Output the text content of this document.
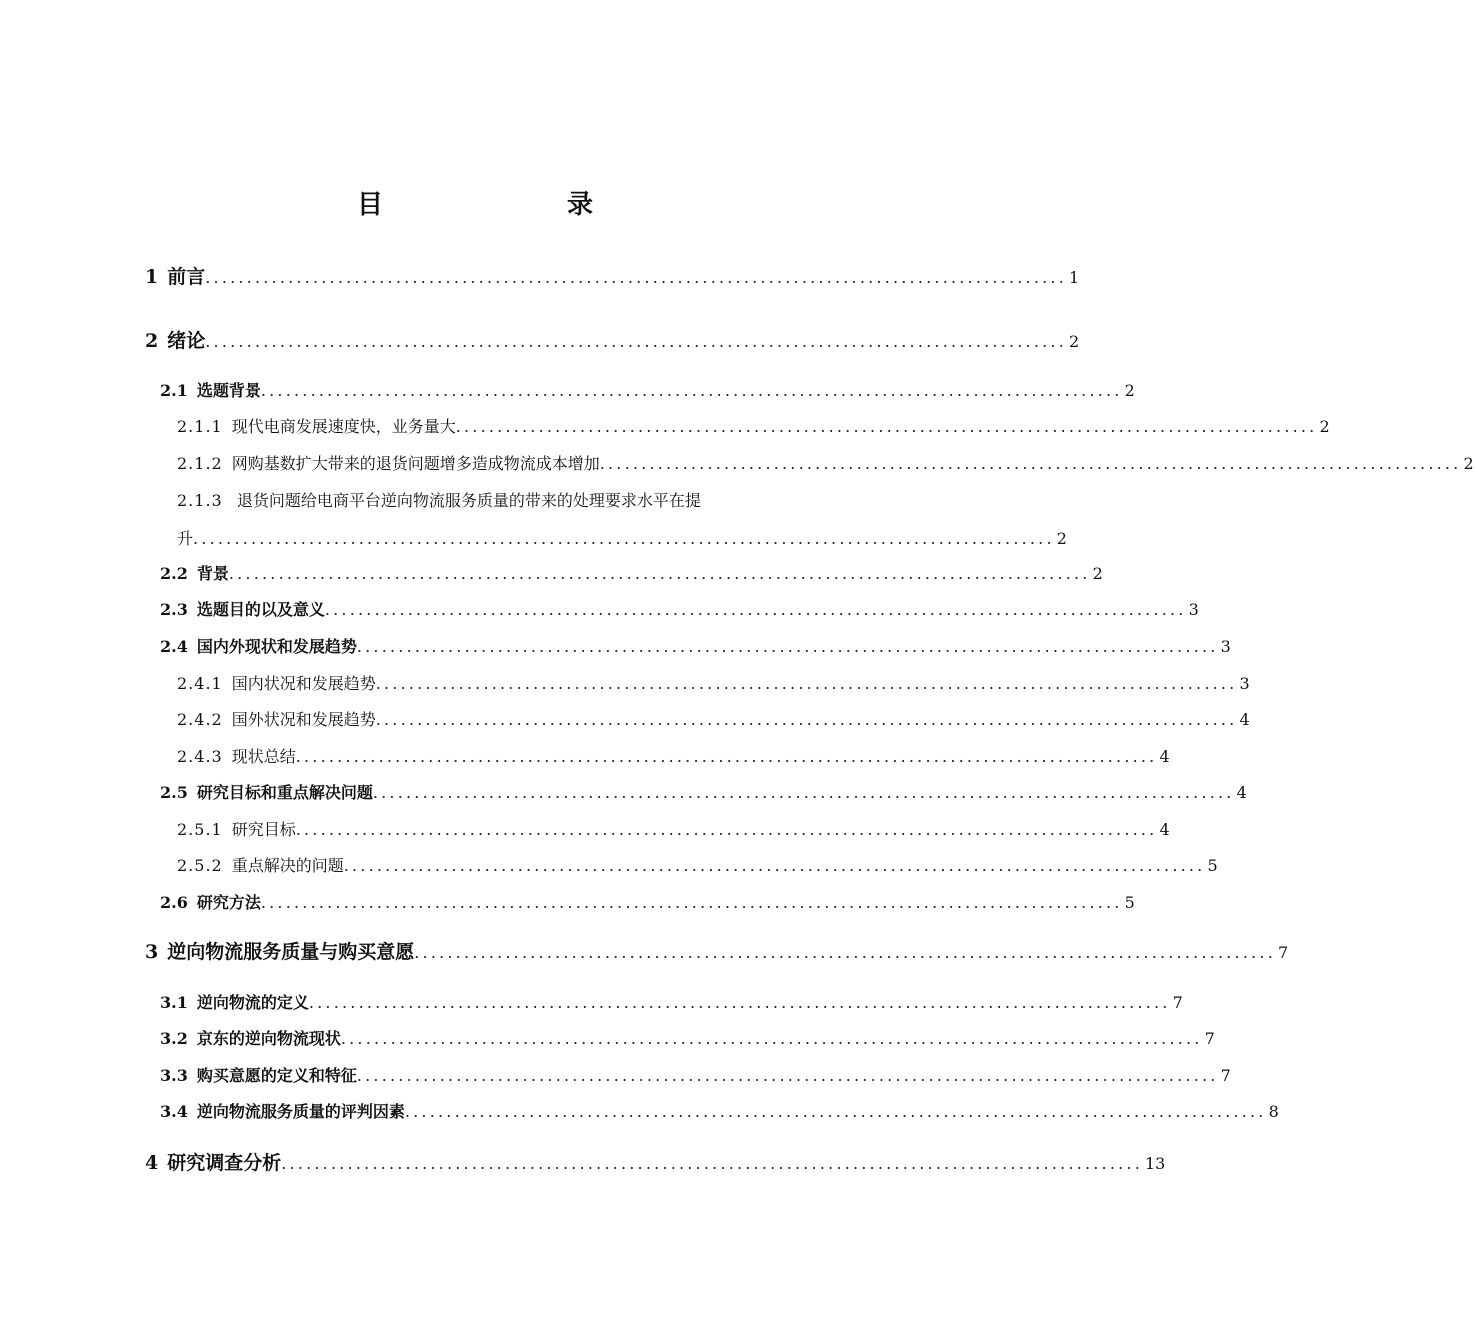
目　　录
1 前言 ........................................................................................................ 1
2 绪论 ........................................................................................................ 2
2.1 选题背景 ........................................................................................................ 2
2.1.1 现代电商发展速度快，业务量大 ........................................................................................................ 2
2.1.2 网购基数扩大带来的退货问题增多造成物流成本增加 ........................................................................................................ 2
2.1.3 退货问题给电商平台逆向物流服务质量的带来的处理要求水平在提
升 ........................................................................................................ 2
2.2 背景 ........................................................................................................ 2
2.3 选题目的以及意义 ........................................................................................................ 3
2.4 国内外现状和发展趋势 ........................................................................................................ 3
2.4.1 国内状况和发展趋势 ........................................................................................................ 3
2.4.2 国外状况和发展趋势 ........................................................................................................ 4
2.4.3 现状总结 ........................................................................................................ 4
2.5 研究目标和重点解决问题 ........................................................................................................ 4
2.5.1 研究目标 ........................................................................................................ 4
2.5.2 重点解决的问题 ........................................................................................................ 5
2.6 研究方法 ........................................................................................................ 5
3 逆向物流服务质量与购买意愿 ........................................................................................................ 7
3.1 逆向物流的定义 ........................................................................................................ 7
3.2 京东的逆向物流现状 ........................................................................................................ 7
3.3 购买意愿的定义和特征 ........................................................................................................ 7
3.4 逆向物流服务质量的评判因素 ........................................................................................................ 8
4 研究调查分析 ........................................................................................................ 13
